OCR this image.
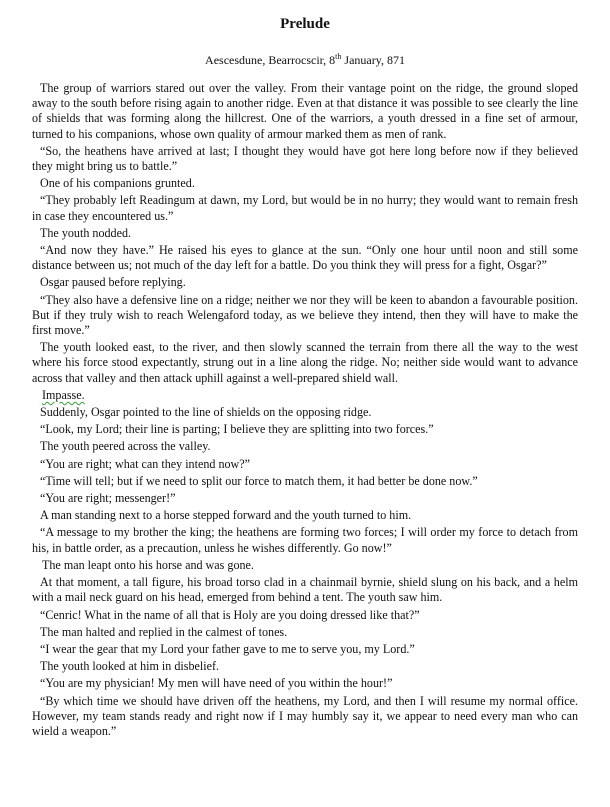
Prelude
Aescesdune, Bearrocscir, 8th January, 871

The group of warriors stared out over the valley. From their vantage point on the ridge, the ground sloped away to the south before rising again to another ridge. Even at that distance it was possible to see clearly the line of shields that was forming along the hillcrest. One of the warriors, a youth dressed in a fine set of armour, turned to his companions, whose own quality of armour marked them as men of rank.

“So, the heathens have arrived at last; I thought they would have got here long before now if they believed they might bring us to battle.”

One of his companions grunted.

“They probably left Readingum at dawn, my Lord, but would be in no hurry; they would want to remain fresh in case they encountered us.”

The youth nodded.

“And now they have.” He raised his eyes to glance at the sun. “Only one hour until noon and still some distance between us; not much of the day left for a battle. Do you think they will press for a fight, Osgar?”

Osgar paused before replying.

“They also have a defensive line on a ridge; neither we nor they will be keen to abandon a favourable position. But if they truly wish to reach Welengaford today, as we believe they intend, then they will have to make the first move.”

The youth looked east, to the river, and then slowly scanned the terrain from there all the way to the west where his force stood expectantly, strung out in a line along the ridge. No; neither side would want to advance across that valley and then attack uphill against a well-prepared shield wall.

Impasse.

Suddenly, Osgar pointed to the line of shields on the opposing ridge.

“Look, my Lord; their line is parting; I believe they are splitting into two forces.”

The youth peered across the valley.

“You are right; what can they intend now?”

“Time will tell; but if we need to split our force to match them, it had better be done now.”

“You are right; messenger!”

A man standing next to a horse stepped forward and the youth turned to him.

“A message to my brother the king; the heathens are forming two forces; I will order my force to detach from his, in battle order, as a precaution, unless he wishes differently. Go now!”

The man leapt onto his horse and was gone.

At that moment, a tall figure, his broad torso clad in a chainmail byrnie, shield slung on his back, and a helm with a mail neck guard on his head, emerged from behind a tent. The youth saw him.

“Cenric! What in the name of all that is Holy are you doing dressed like that?”

The man halted and replied in the calmest of tones.

“I wear the gear that my Lord your father gave to me to serve you, my Lord.”

The youth looked at him in disbelief.

“You are my physician! My men will have need of you within the hour!”

“By which time we should have driven off the heathens, my Lord, and then I will resume my normal office. However, my team stands ready and right now if I may humbly say it, we appear to need every man who can wield a weapon.”
